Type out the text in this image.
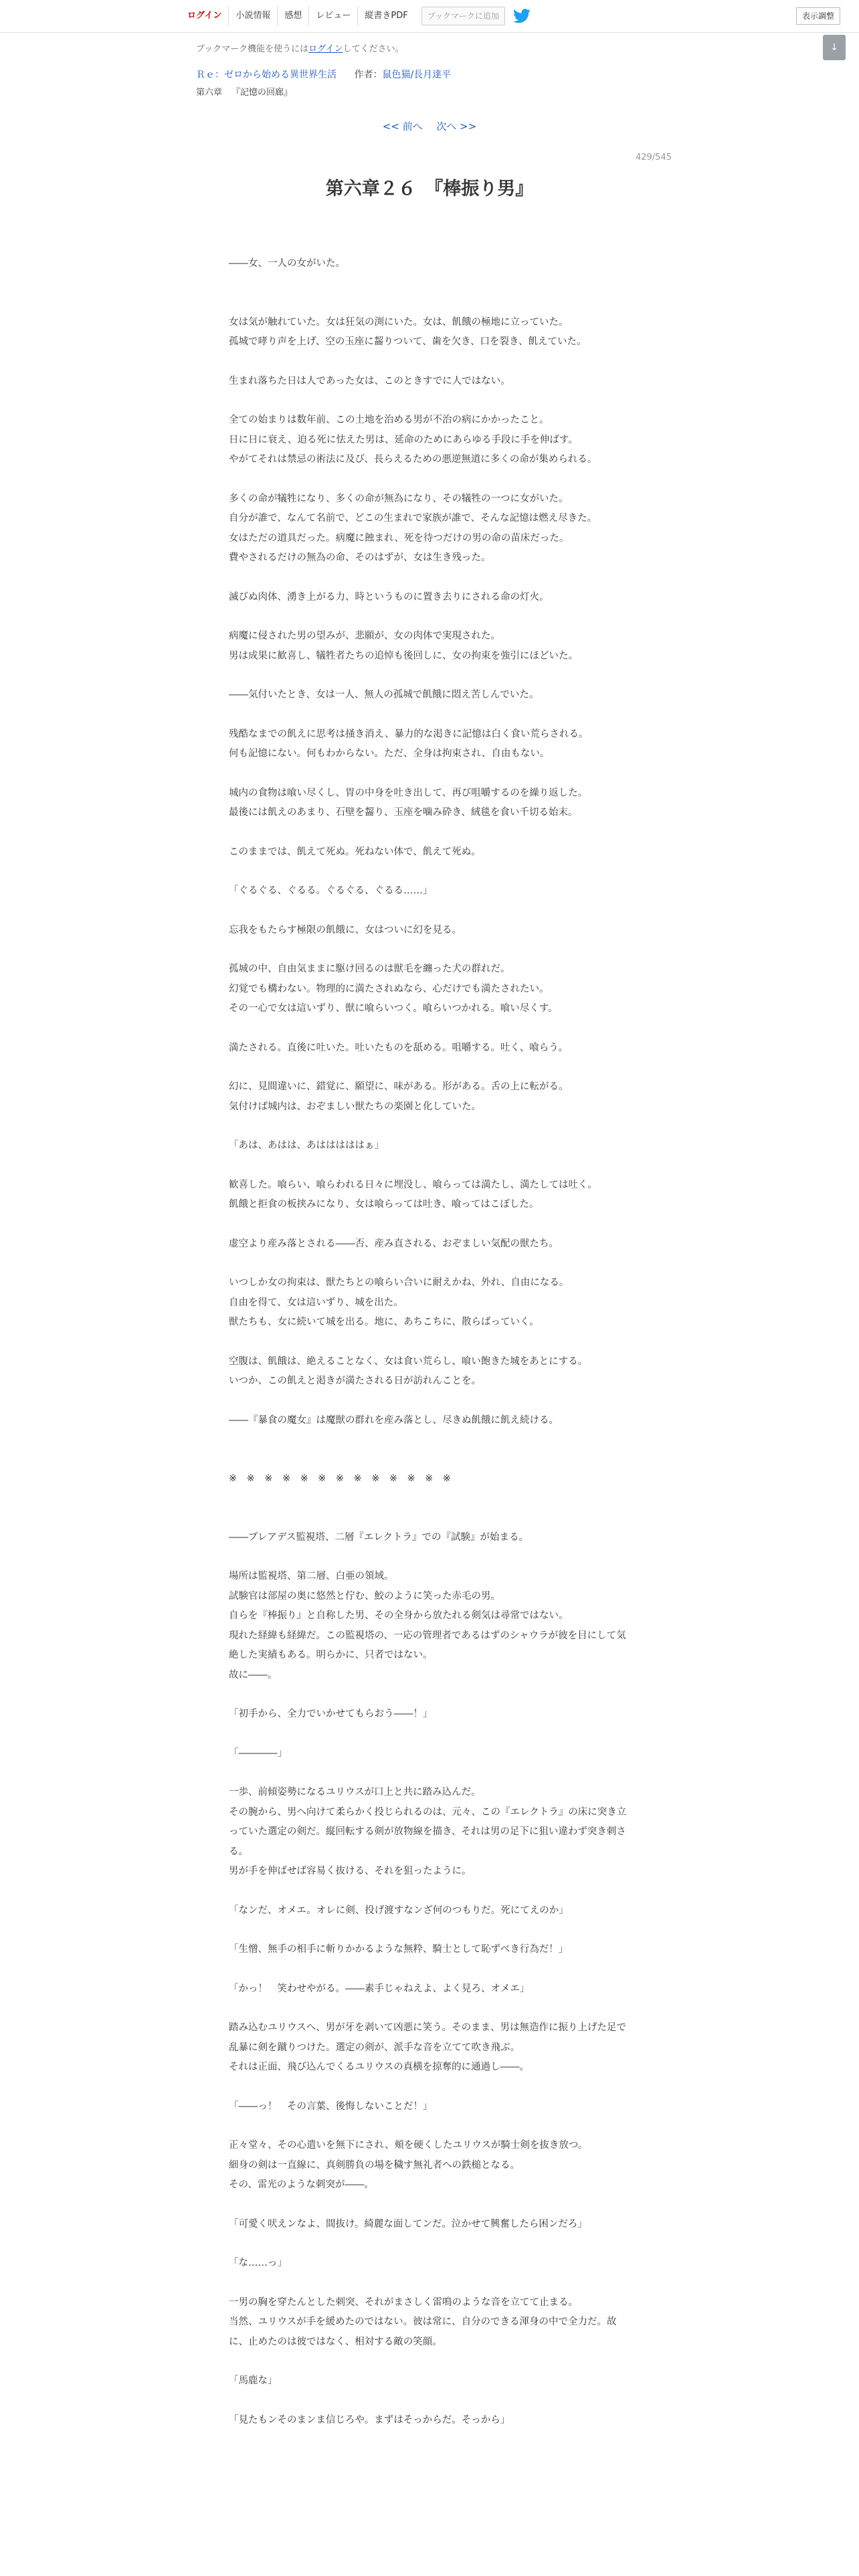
ログイン	小説情報	感想	レビュー	縦書きPDF	ブックマークに追加	表示調整
↓
ブックマーク機能を使うにはログインしてください。
Ｒｅ：ゼロから始める異世界生活 作者：鼠色猫/長月達平
第六章 『記憶の回廊』
<< 前へ 次へ >>
429/545
第六章２６　『棒振り男』

――女、一人の女がいた。

女は気が触れていた。女は狂気の渕にいた。女は、飢餓の極地に立っていた。

孤城で哮り声を上げ、空の玉座に齧りついて、歯を欠き、口を裂き、飢えていた。

生まれ落ちた日は人であった女は、このときすでに人ではない。

全ての始まりは数年前、この土地を治める男が不治の病にかかったこと。

日に日に衰え、迫る死に怯えた男は、延命のためにあらゆる手段に手を伸ばす。

やがてそれは禁忌の術法に及び、長らえるための悪逆無道に多くの命が集められる。

多くの命が犠牲になり、多くの命が無為になり、その犠牲の一つに女がいた。

自分が誰で、なんて名前で、どこの生まれで家族が誰で、そんな記憶は燃え尽きた。

女はただの道具だった。病魔に蝕まれ、死を待つだけの男の命の苗床だった。

費やされるだけの無為の命、そのはずが、女は生き残った。

滅びぬ肉体、湧き上がる力、時というものに置き去りにされる命の灯火。

病魔に侵された男の望みが、悲願が、女の肉体で実現された。

男は成果に歓喜し、犠牲者たちの追悼も後回しに、女の拘束を強引にほどいた。

――気付いたとき、女は一人、無人の孤城で飢餓に悶え苦しんでいた。

残酷なまでの飢えに思考は掻き消え、暴力的な渇きに記憶は白く食い荒らされる。

何も記憶にない。何もわからない。ただ、全身は拘束され、自由もない。

城内の食物は喰い尽くし、胃の中身を吐き出して、再び咀嚼するのを繰り返した。

最後には飢えのあまり、石壁を齧り、玉座を噛み砕き、絨毯を食い千切る始末。

このままでは、飢えて死ぬ。死ねない体で、飢えて死ぬ。

「ぐるぐる、ぐるる。ぐるぐる、ぐるる……」

忘我をもたらす極限の飢餓に、女はついに幻を見る。

孤城の中、自由気ままに駆け回るのは獣毛を纏った犬の群れだ。

幻覚でも構わない。物理的に満たされぬなら、心だけでも満たされたい。

その一心で女は這いずり、獣に喰らいつく。喰らいつかれる。喰い尽くす。

満たされる。直後に吐いた。吐いたものを舐める。咀嚼する。吐く、喰らう。

幻に、見間違いに、錯覚に、願望に、味がある。形がある。舌の上に転がる。

気付けば城内は、おぞましい獣たちの楽園と化していた。

「あは、あはは、あはははははぁ」

歓喜した。喰らい、喰らわれる日々に埋没し、喰らっては満たし、満たしては吐く。

飢餓と拒食の板挟みになり、女は喰らっては吐き、喰ってはこぼした。

虚空より産み落とされる――否、産み直される、おぞましい気配の獣たち。

いつしか女の拘束は、獣たちとの喰らい合いに耐えかね、外れ、自由になる。

自由を得て、女は這いずり、城を出た。

獣たちも、女に続いて城を出る。地に、あちこちに、散らばっていく。

空腹は、飢餓は、絶えることなく、女は食い荒らし、喰い飽きた城をあとにする。

いつか、この飢えと渇きが満たされる日が訪れんことを。

――『暴食の魔女』は魔獣の群れを産み落とし、尽きぬ飢餓に飢え続ける。

※　※　※　※　※　※　※　※　※　※　※　※　※

――プレアデス監視塔、二層『エレクトラ』での『試験』が始まる。

場所は監視塔、第二層、白亜の領域。

試験官は部屋の奥に悠然と佇む、鮫のように笑った赤毛の男。

自らを『棒振り』と自称した男、その全身から放たれる剣気は尋常ではない。

現れた経緯も経緯だ。この監視塔の、一応の管理者であるはずのシャウラが彼を目にして気絶した実績もある。明らかに、只者ではない。

故に――。

「初手から、全力でいかせてもらおう――！」

「――――」

一歩、前傾姿勢になるユリウスが口上と共に踏み込んだ。

その腕から、男へ向けて柔らかく投じられるのは、元々、この『エレクトラ』の床に突き立っていた選定の剣だ。縦回転する剣が放物線を描き、それは男の足下に狙い違わず突き刺さる。

男が手を伸ばせば容易く抜ける、それを狙ったように。

「なンだ、オメエ。オレに剣、投げ渡すなンざ何のつもりだ。死にてえのか」

「生憎、無手の相手に斬りかかるような無粋、騎士として恥ずべき行為だ！」

「かっ！　笑わせやがる。――素手じゃねえよ、よく見ろ、オメエ」

踏み込むユリウスへ、男が牙を剥いて凶悪に笑う。そのまま、男は無造作に振り上げた足で乱暴に剣を蹴りつけた。選定の剣が、派手な音を立てて吹き飛ぶ。

それは正面、飛び込んでくるユリウスの真横を掠奪的に通過し――。

「――っ！　その言葉、後悔しないことだ！」

正々堂々、その心遣いを無下にされ、頬を硬くしたユリウスが騎士剣を抜き放つ。

細身の剣は一直線に、真剣勝負の場を穢す無礼者への鉄槌となる。

その、雷光のような刺突が――。

「可愛く吠えンなよ、間抜け。綺麗な面してンだ。泣かせて興奮したら困ンだろ」

「な……っ」

一男の胸を穿たんとした刺突、それがまさしく雷鳴のような音を立てて止まる。

当然、ユリウスが手を緩めたのではない。彼は常に、自分のできる渾身の中で全力だ。故に、止めたのは彼ではなく、相対する敵の笑顔。

「馬鹿な」

「見たもンそのまンま信じろや。まずはそっからだ。そっから」
